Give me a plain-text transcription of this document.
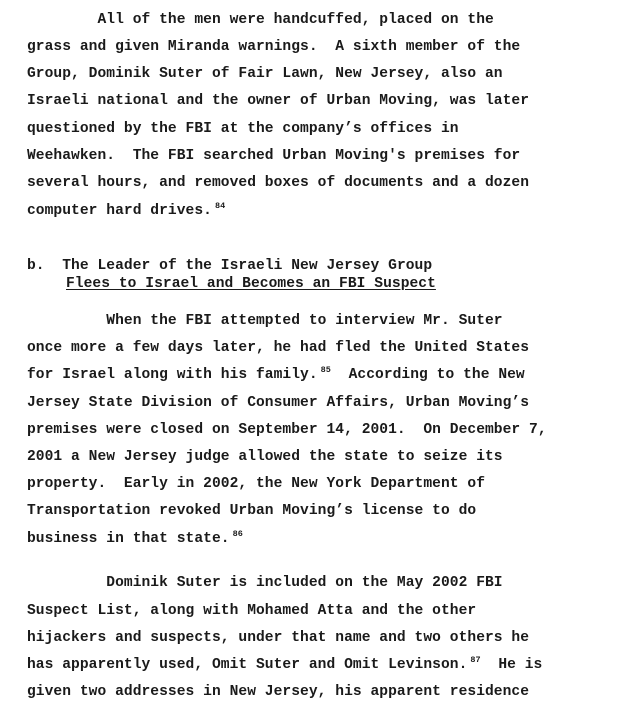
All of the men were handcuffed, placed on the
grass and given Miranda warnings.  A sixth member of the
Group, Dominik Suter of Fair Lawn, New Jersey, also an
Israeli national and the owner of Urban Moving, was later
questioned by the FBI at the company’s offices in
Weehawken.  The FBI searched Urban Moving's premises for
several hours, and removed boxes of documents and a dozen
computer hard drives. $^{84}$
b. The Leader of the Israeli New Jersey Group
Flees to Israel and Becomes an FBI Suspect
When the FBI attempted to interview Mr. Suter
once more a few days later, he had fled the United States
for Israel along with his family. $^{85}$  According to the New
Jersey State Division of Consumer Affairs, Urban Moving’s
premises were closed on September 14, 2001.  On December 7,
2001 a New Jersey judge allowed the state to seize its
property.  Early in 2002, the New York Department of
Transportation revoked Urban Moving’s license to do
business in that state. $^{86}$
Dominik Suter is included on the May 2002 FBI
Suspect List, along with Mohamed Atta and the other
hijackers and suspects, under that name and two others he
has apparently used, Omit Suter and Omit Levinson. $^{87}$  He is
given two addresses in New Jersey, his apparent residence
